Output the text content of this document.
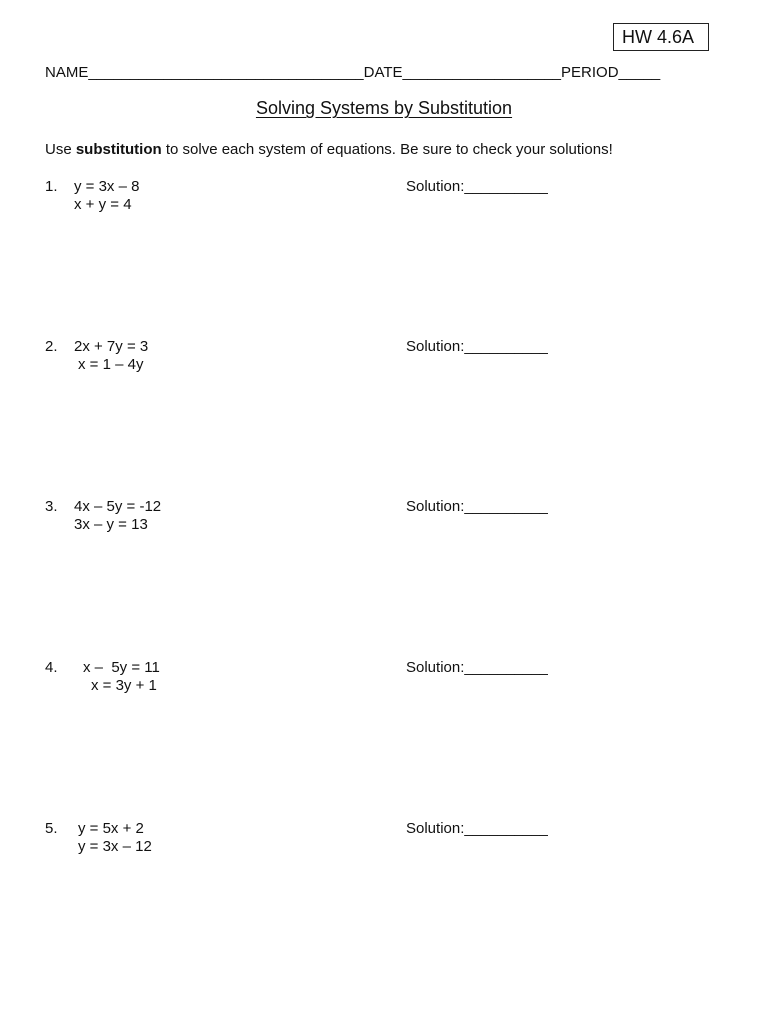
HW 4.6A
NAME_________________________________DATE___________________PERIOD_____
Solving Systems by Substitution
Use substitution to solve each system of equations. Be sure to check your solutions!
1. y = 3x – 8
x + y = 4
Solution:__________
2. 2x + 7y = 3
x = 1 – 4y
Solution:__________
3. 4x – 5y = -12
3x – y = 13
Solution:__________
4. x –  5y = 11
x = 3y + 1
Solution:__________
5. y = 5x + 2
y = 3x – 12
Solution:__________
